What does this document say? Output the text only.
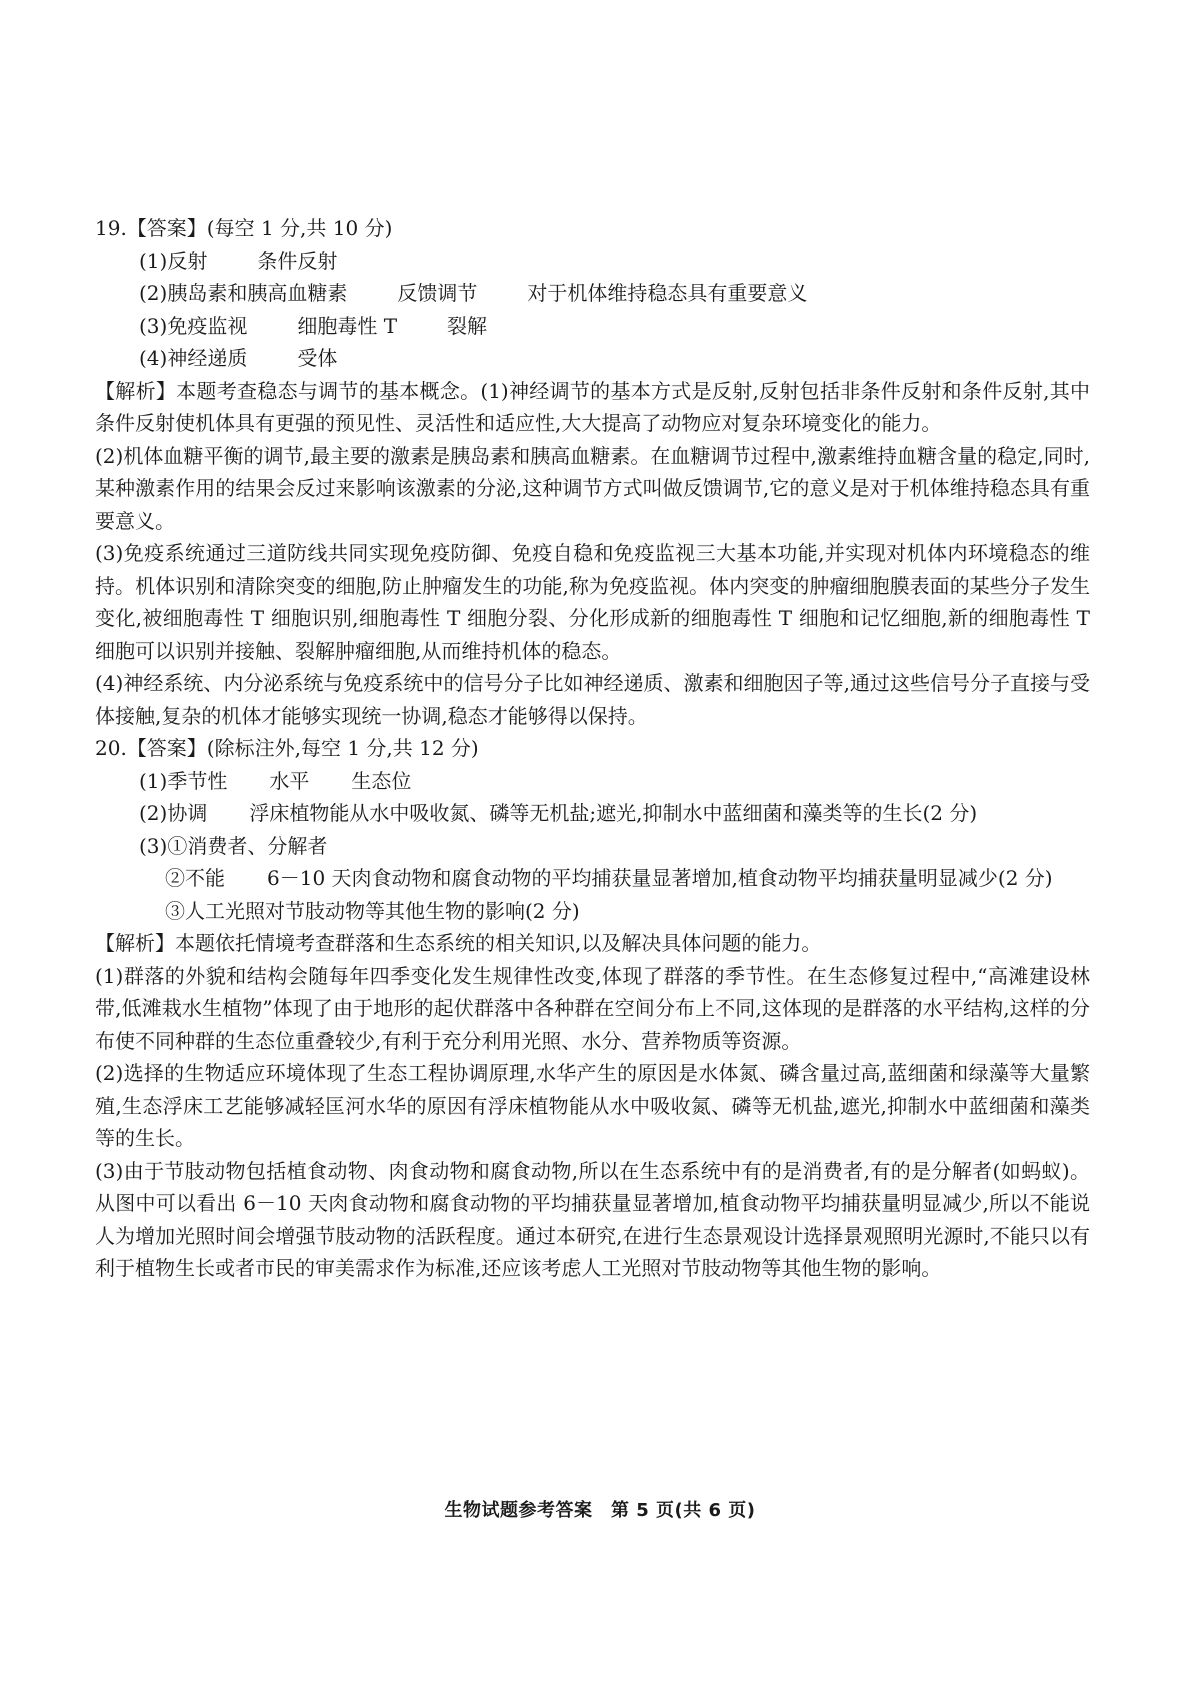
19.【答案】(每空 1 分,共 10 分)
(1)反射	条件反射
(2)胰岛素和胰高血糖素	反馈调节	对于机体维持稳态具有重要意义
(3)免疫监视	细胞毒性 T	裂解
(4)神经递质	受体

【解析】本题考查稳态与调节的基本概念。(1)神经调节的基本方式是反射,反射包括非条件反射和条件反射,其中条件反射使机体具有更强的预见性、灵活性和适应性,大大提高了动物应对复杂环境变化的能力。

(2)机体血糖平衡的调节,最主要的激素是胰岛素和胰高血糖素。在血糖调节过程中,激素维持血糖含量的稳定,同时,某种激素作用的结果会反过来影响该激素的分泌,这种调节方式叫做反馈调节,它的意义是对于机体维持稳态具有重要意义。

(3)免疫系统通过三道防线共同实现免疫防御、免疫自稳和免疫监视三大基本功能,并实现对机体内环境稳态的维持。机体识别和清除突变的细胞,防止肿瘤发生的功能,称为免疫监视。体内突变的肿瘤细胞膜表面的某些分子发生变化,被细胞毒性 T 细胞识别,细胞毒性 T 细胞分裂、分化形成新的细胞毒性 T 细胞和记忆细胞,新的细胞毒性 T 细胞可以识别并接触、裂解肿瘤细胞,从而维持机体的稳态。

(4)神经系统、内分泌系统与免疫系统中的信号分子比如神经递质、激素和细胞因子等,通过这些信号分子直接与受体接触,复杂的机体才能够实现统一协调,稳态才能够得以保持。

20.【答案】(除标注外,每空 1 分,共 12 分)
(1)季节性 水平 生态位
(2)协调 浮床植物能从水中吸收氮、磷等无机盐;遮光,抑制水中蓝细菌和藻类等的生长(2 分)
(3)①消费者、分解者
②不能 6－10 天肉食动物和腐食动物的平均捕获量显著增加,植食动物平均捕获量明显减少(2 分)
③人工光照对节肢动物等其他生物的影响(2 分)

【解析】本题依托情境考查群落和生态系统的相关知识,以及解决具体问题的能力。

(1)群落的外貌和结构会随每年四季变化发生规律性改变,体现了群落的季节性。在生态修复过程中,“高滩建设林带,低滩栽水生植物”体现了由于地形的起伏群落中各种群在空间分布上不同,这体现的是群落的水平结构,这样的分布使不同种群的生态位重叠较少,有利于充分利用光照、水分、营养物质等资源。

(2)选择的生物适应环境体现了生态工程协调原理,水华产生的原因是水体氮、磷含量过高,蓝细菌和绿藻等大量繁殖,生态浮床工艺能够减轻匡河水华的原因有浮床植物能从水中吸收氮、磷等无机盐,遮光,抑制水中蓝细菌和藻类等的生长。

(3)由于节肢动物包括植食动物、肉食动物和腐食动物,所以在生态系统中有的是消费者,有的是分解者(如蚂蚁)。从图中可以看出 6－10 天肉食动物和腐食动物的平均捕获量显著增加,植食动物平均捕获量明显减少,所以不能说人为增加光照时间会增强节肢动物的活跃程度。通过本研究,在进行生态景观设计选择景观照明光源时,不能只以有利于植物生长或者市民的审美需求作为标准,还应该考虑人工光照对节肢动物等其他生物的影响。

生物试题参考答案　第 5 页(共 6 页)
